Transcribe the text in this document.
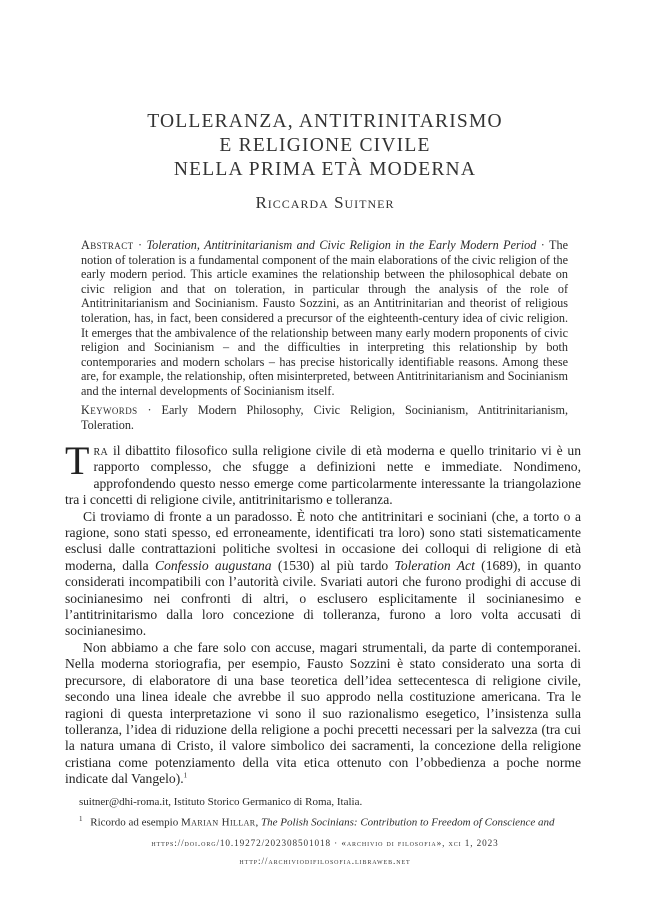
TOLLERANZA, ANTITRINITARISMO
E RELIGIONE CIVILE
NELLA PRIMA ETÀ MODERNA
Riccarda Suitner
Abstract · Toleration, Antitrinitarianism and Civic Religion in the Early Modern Period · The notion of toleration is a fundamental component of the main elaborations of the civic religion of the early modern period. This article examines the relationship between the philosophical debate on civic religion and that on toleration, in particular through the analysis of the role of Antitrinitarianism and Socinianism. Fausto Sozzini, as an Antitrinitarian and theorist of religious toleration, has, in fact, been considered a precursor of the eighteenth-century idea of civic religion. It emerges that the ambivalence of the relationship between many early modern proponents of civic religion and Socinianism – and the difficulties in interpreting this relationship by both contemporaries and modern scholars – has precise historically identifiable reasons. Among these are, for example, the relationship, often misinterpreted, between Antitrinitarianism and Socinianism and the internal developments of Socinianism itself.
Keywords · Early Modern Philosophy, Civic Religion, Socinianism, Antitrinitarianism, Toleration.

Tra il dibattito filosofico sulla religione civile di età moderna e quello trinitario vi è un rapporto complesso, che sfugge a definizioni nette e immediate. Nondimeno, approfondendo questo nesso emerge come particolarmente interessante la triangolazione tra i concetti di religione civile, antitrinitarismo e tolleranza.

Ci troviamo di fronte a un paradosso. È noto che antitrinitari e sociniani (che, a torto o a ragione, sono stati spesso, ed erroneamente, identificati tra loro) sono stati sistematicamente esclusi dalle contrattazioni politiche svoltesi in occasione dei colloqui di religione di età moderna, dalla Confessio augustana (1530) al più tardo Toleration Act (1689), in quanto considerati incompatibili con l’autorità civile. Svariati autori che furono prodighi di accuse di socinianesimo nei confronti di altri, o esclusero esplicitamente il socinianesimo e l’antitrinitarismo dalla loro concezione di tolleranza, furono a loro volta accusati di socinianesimo.

Non abbiamo a che fare solo con accuse, magari strumentali, da parte di contemporanei. Nella moderna storiografia, per esempio, Fausto Sozzini è stato considerato una sorta di precursore, di elaboratore di una base teoretica dell’idea settecentesca di religione civile, secondo una linea ideale che avrebbe il suo approdo nella costituzione americana. Tra le ragioni di questa interpretazione vi sono il suo razionalismo esegetico, l’insistenza sulla tolleranza, l’idea di riduzione della religione a pochi precetti necessari per la salvezza (tra cui la natura umana di Cristo, il valore simbolico dei sacramenti, la concezione della religione cristiana come potenziamento della vita etica ottenuto con l’obbedienza a poche norme indicate dal Vangelo).$^1$

suitner@dhi-roma.it, Istituto Storico Germanico di Roma, Italia.
$^1$ Ricordo ad esempio Marian Hillar, The Polish Socinians: Contribution to Freedom of Conscience and
https://doi.org/10.19272/202308501018 · «archivio di filosofia», xci 1, 2023
http://archiviodifilosofia.libraweb.net
